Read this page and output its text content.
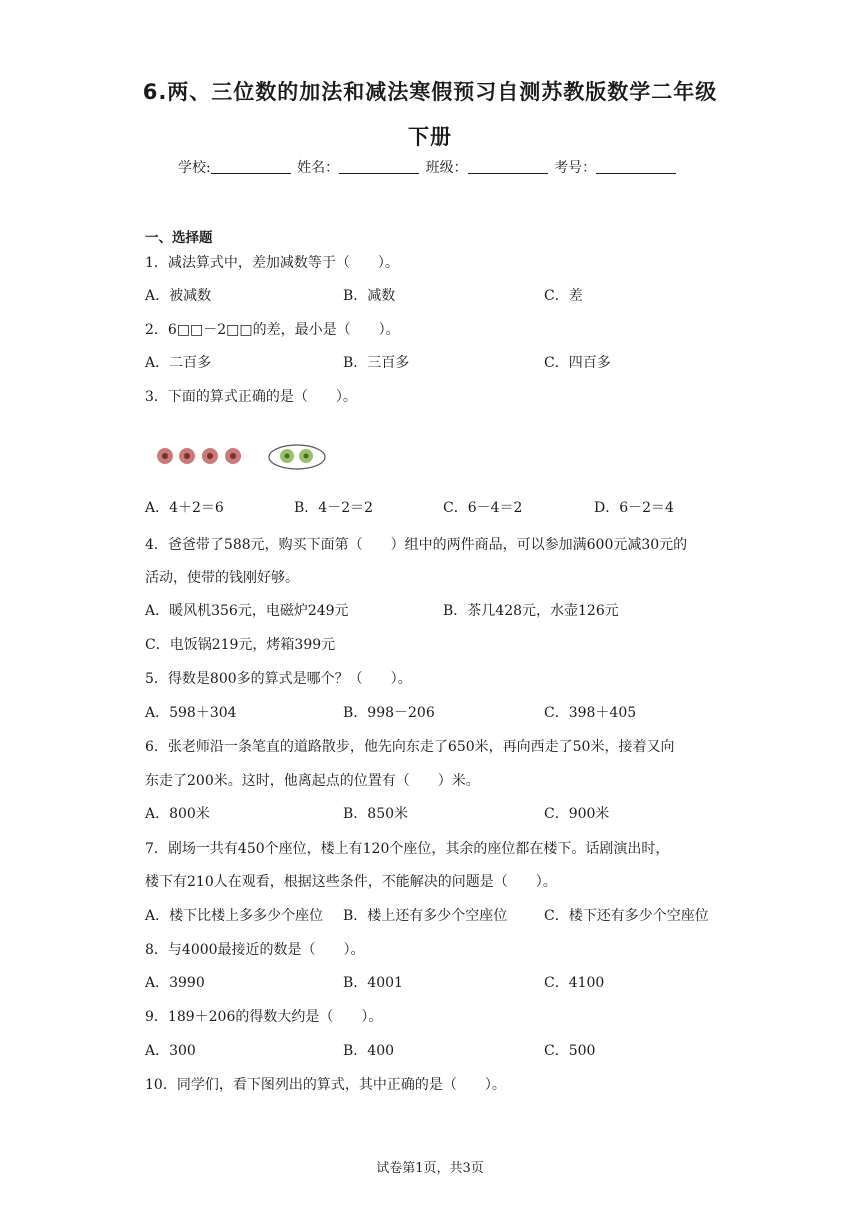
6.两、三位数的加法和减法寒假预习自测苏教版数学二年级
下册
学校:	姓名：	班级：	考号：
一、选择题
1．减法算式中，差加减数等于（　　）。
A．被减数	B．减数	C．差
2．6□□－2□□的差，最小是（　　）。
A．二百多	B．三百多	C．四百多
3．下面的算式正确的是（　　）。
A．4＋2＝6	B．4－2＝2	C．6－4＝2	D．6－2＝4
4．爸爸带了588元，购买下面第（　　）组中的两件商品，可以参加满600元减30元的
活动，使带的钱刚好够。
A．暖风机356元，电磁炉249元	B．茶几428元，水壶126元
C．电饭锅219元，烤箱399元
5．得数是800多的算式是哪个？（　　）。
A．598＋304	B．998－206	C．398＋405
6．张老师沿一条笔直的道路散步，他先向东走了650米，再向西走了50米，接着又向
东走了200米。这时，他离起点的位置有（　　）米。
A．800米	B．850米	C．900米
7．剧场一共有450个座位，楼上有120个座位，其余的座位都在楼下。话剧演出时，
楼下有210人在观看，根据这些条件，不能解决的问题是（　　）。
A．楼下比楼上多多少个座位 B．楼上还有多少个空座位	C．楼下还有多少个空座位
8．与4000最接近的数是（　　）。
A．3990	B．4001	C．4100
9．189＋206的得数大约是（　　）。
A．300	B．400	C．500
10．同学们，看下图列出的算式，其中正确的是（　　）。
试卷第1页，共3页
